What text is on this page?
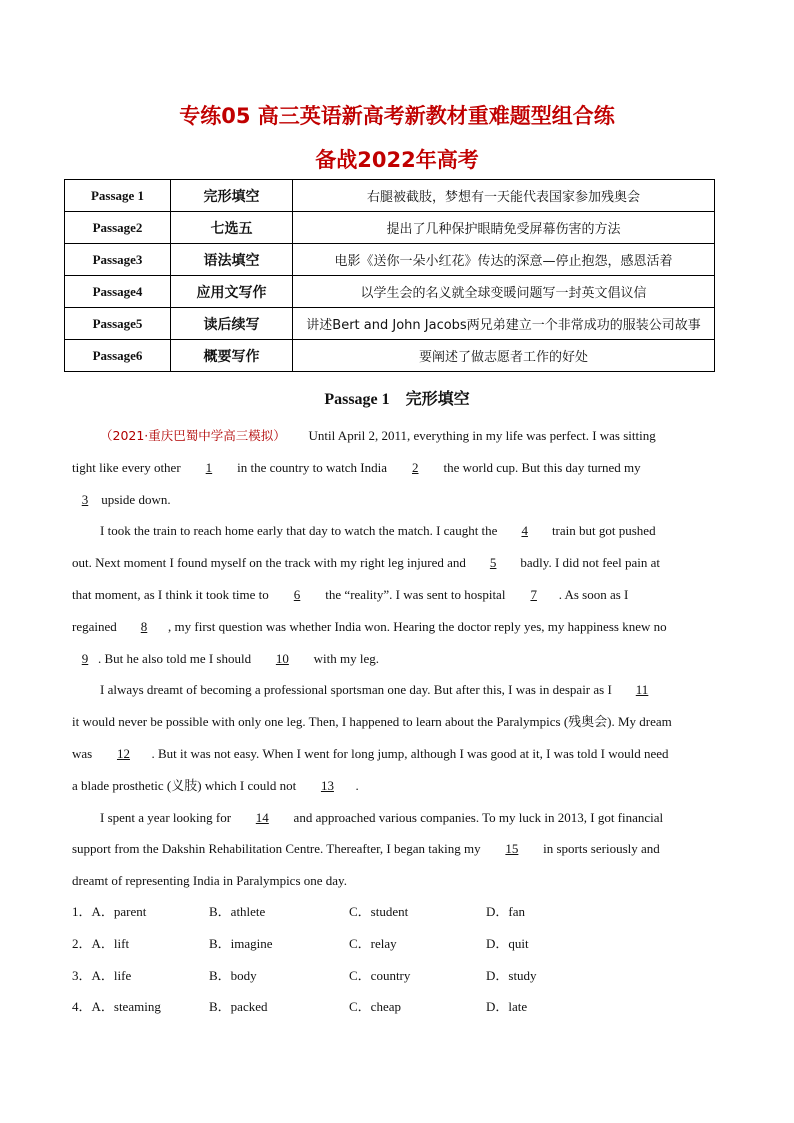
专练05 高三英语新高考新教材重难题型组合练
备战2022年高考
Passage 1	完形填空	右腿被截肢，梦想有一天能代表国家参加残奥会
Passage2	七选五	提出了几种保护眼睛免受屏幕伤害的方法
Passage3	语法填空	电影《送你一朵小红花》传达的深意—停止抱怨，感恩活着
Passage4	应用文写作	以学生会的名义就全球变暖问题写一封英文倡议信
Passage5	读后续写	讲述Bert and John Jacobs两兄弟建立一个非常成功的服装公司故事
Passage6	概要写作	要阐述了做志愿者工作的好处
Passage 1　完形填空
（2021·重庆巴蜀中学高三模拟） Until April 2, 2011, everything in my life was perfect. I was sitting
tight like every other 1 in the country to watch India 2 the world cup. But this day turned my
3 upside down.
I took the train to reach home early that day to watch the match. I caught the 4 train but got pushed
out. Next moment I found myself on the track with my right leg injured and 5 badly. I did not feel pain at
that moment, as I think it took time to 6 the “reality”. I was sent to hospital 7 . As soon as I
regained 8 , my first question was whether India won. Hearing the doctor reply yes, my happiness knew no
9 . But he also told me I should 10 with my leg.
I always dreamt of becoming a professional sportsman one day. But after this, I was in despair as I 11
it would never be possible with only one leg. Then, I happened to learn about the Paralympics (残奥会). My dream
was 12 . But it was not easy. When I went for long jump, although I was good at it, I was told I would need
a blade prosthetic (义肢) which I could not 13 .
I spent a year looking for 14 and approached various companies. To my luck in 2013, I got financial
support from the Dakshin Rehabilitation Centre. Thereafter, I began taking my 15 in sports seriously and
dreamt of representing India in Paralympics one day.
1．A．parent	B．athlete	C．student	D．fan
2．A．lift	B．imagine	C．relay	D．quit
3．A．life	B．body	C．country	D．study
4．A．steaming	B．packed	C．cheap	D．late
